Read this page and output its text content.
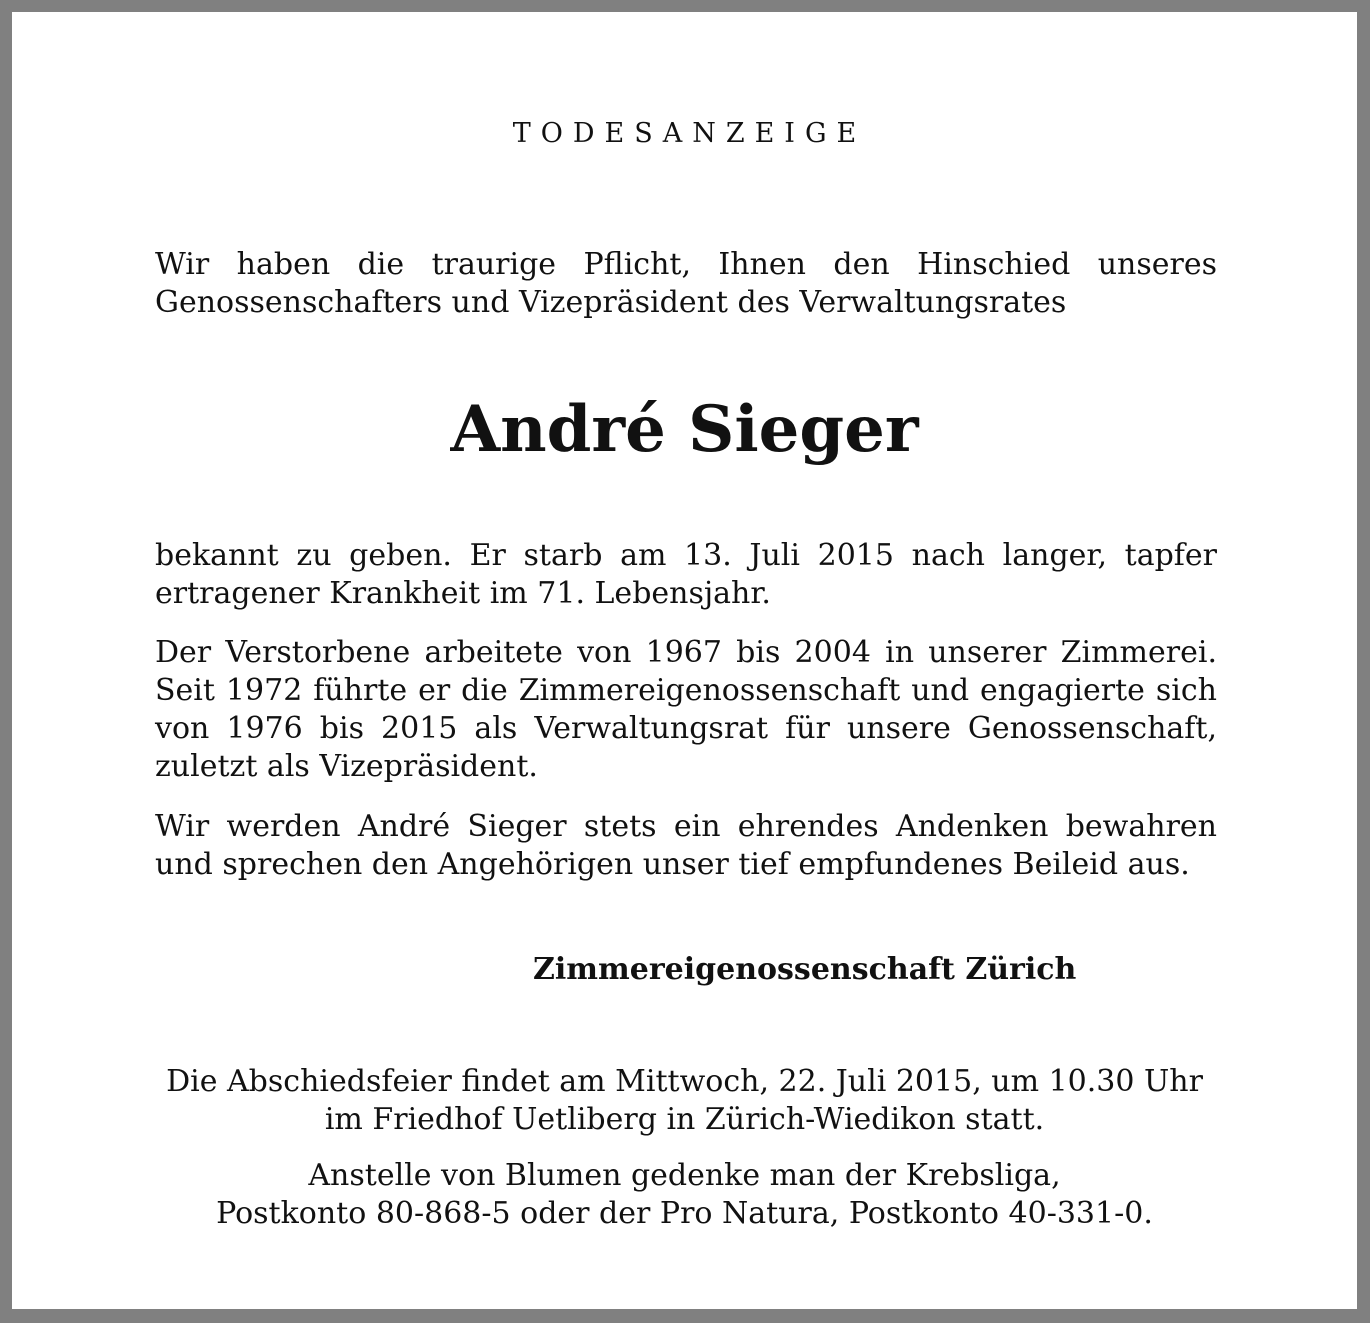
TODESANZEIGE

Wir haben die traurige Pflicht, Ihnen den Hinschied unseres Genossenschafters und Vizepräsident des Verwaltungsrates

André Sieger

bekannt zu geben. Er starb am 13. Juli 2015 nach langer, tapfer ertragener Krankheit im 71. Lebensjahr.

Der Verstorbene arbeitete von 1967 bis 2004 in unserer Zimmerei. Seit 1972 führte er die Zimmereigenossenschaft und engagierte sich von 1976 bis 2015 als Verwaltungsrat für unsere Genossenschaft, zuletzt als Vizepräsident.

Wir werden André Sieger stets ein ehrendes Andenken bewahren und sprechen den Angehörigen unser tief empfundenes Beileid aus.

Zimmereigenossenschaft Zürich

Die Abschiedsfeier findet am Mittwoch, 22. Juli 2015, um 10.30 Uhr

im Friedhof Uetliberg in Zürich-Wiedikon statt.

Anstelle von Blumen gedenke man der Krebsliga,

Postkonto 80-868-5 oder der Pro Natura, Postkonto 40-331-0.
